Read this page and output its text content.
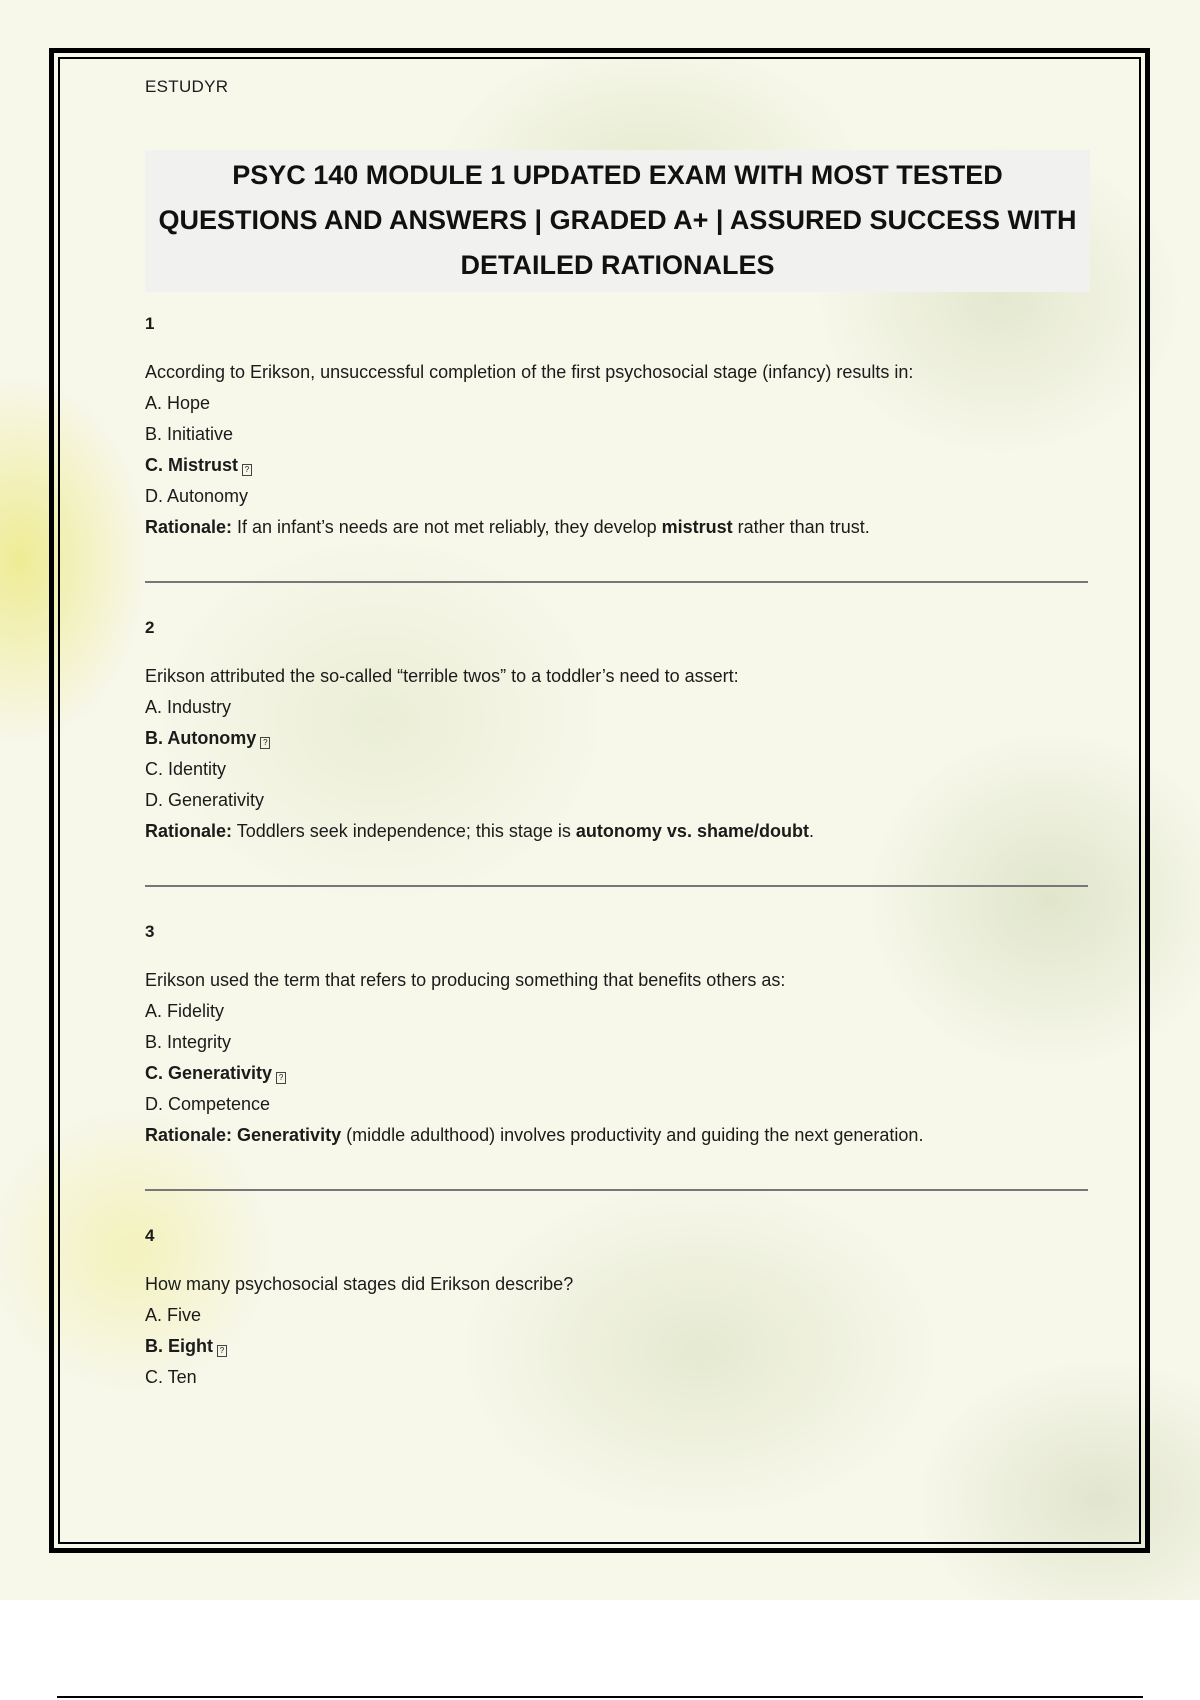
ESTUDYR

PSYC 140 MODULE 1 UPDATED EXAM WITH MOST TESTED QUESTIONS AND ANSWERS | GRADED A+ | ASSURED SUCCESS WITH DETAILED RATIONALES

1
According to Erikson, unsuccessful completion of the first psychosocial stage (infancy) results in:
A. Hope
B. Initiative
C. Mistrust ?
D. Autonomy
Rationale: If an infant’s needs are not met reliably, they develop mistrust rather than trust.
2
Erikson attributed the so-called “terrible twos” to a toddler’s need to assert:
A. Industry
B. Autonomy ?
C. Identity
D. Generativity
Rationale: Toddlers seek independence; this stage is autonomy vs. shame/doubt.
3
Erikson used the term that refers to producing something that benefits others as:
A. Fidelity
B. Integrity
C. Generativity ?
D. Competence
Rationale: Generativity (middle adulthood) involves productivity and guiding the next generation.
4
How many psychosocial stages did Erikson describe?
A. Five
B. Eight ?
C. Ten
